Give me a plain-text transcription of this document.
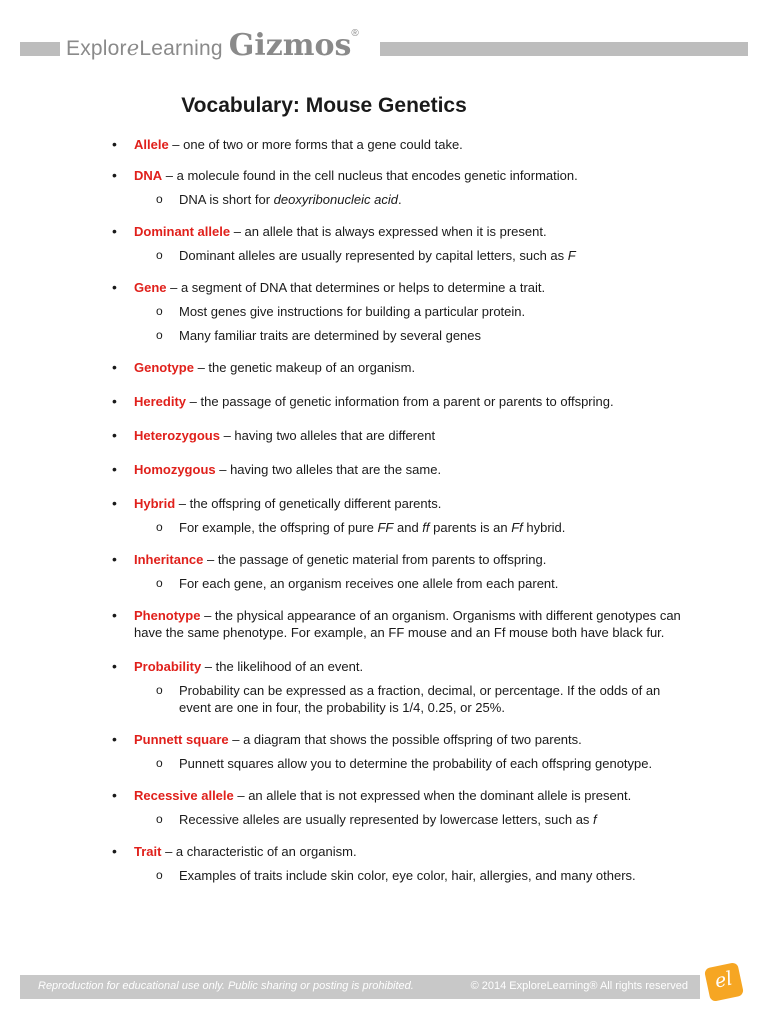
ExploreLearning Gizmos®
Vocabulary: Mouse Genetics
• Allele – one of two or more forms that a gene could take.
• DNA – a molecule found in the cell nucleus that encodes genetic information.
o DNA is short for deoxyribonucleic acid.
• Dominant allele – an allele that is always expressed when it is present.
o Dominant alleles are usually represented by capital letters, such as F
• Gene – a segment of DNA that determines or helps to determine a trait.
o Most genes give instructions for building a particular protein.
o Many familiar traits are determined by several genes
• Genotype – the genetic makeup of an organism.
• Heredity – the passage of genetic information from a parent or parents to offspring.
• Heterozygous – having two alleles that are different
• Homozygous – having two alleles that are the same.
• Hybrid – the offspring of genetically different parents.
o For example, the offspring of pure FF and ff parents is an Ff hybrid.
• Inheritance – the passage of genetic material from parents to offspring.
o For each gene, an organism receives one allele from each parent.
• Phenotype – the physical appearance of an organism. Organisms with different genotypes can have the same phenotype. For example, an FF mouse and an Ff mouse both have black fur.
• Probability – the likelihood of an event.
o Probability can be expressed as a fraction, decimal, or percentage. If the odds of an event are one in four, the probability is 1/4, 0.25, or 25%.
• Punnett square – a diagram that shows the possible offspring of two parents.
o Punnett squares allow you to determine the probability of each offspring genotype.
• Recessive allele – an allele that is not expressed when the dominant allele is present.
o Recessive alleles are usually represented by lowercase letters, such as f
• Trait – a characteristic of an organism.
o Examples of traits include skin color, eye color, hair, allergies, and many others.
Reproduction for educational use only. Public sharing or posting is prohibited.	© 2014 ExploreLearning® All rights reserved	el
